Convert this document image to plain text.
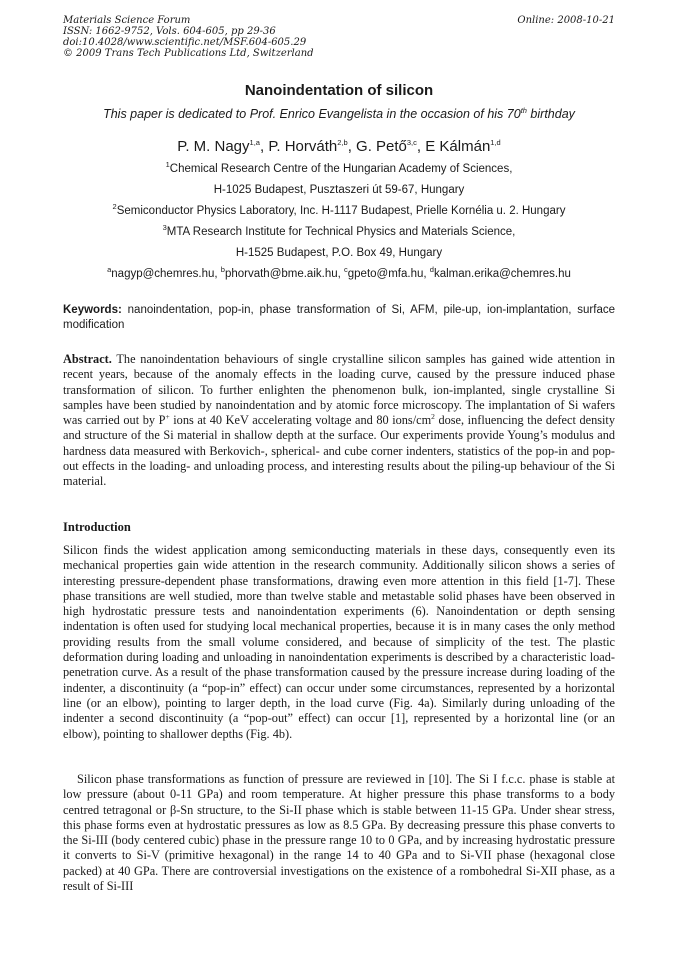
Materials Science Forum
ISSN: 1662-9752, Vols. 604-605, pp 29-36
doi:10.4028/www.scientific.net/MSF.604-605.29
© 2009 Trans Tech Publications Ltd, Switzerland
Online: 2008-10-21
Nanoindentation of silicon
This paper is dedicated to Prof. Enrico Evangelista in the occasion of his 70th birthday
P. M. Nagy$^{1,a}$, P. Horváth$^{2,b}$, G. Pető$^{3,c}$, E Kálmán$^{1,d}$
$^1$Chemical Research Centre of the Hungarian Academy of Sciences,
H-1025 Budapest, Pusztaszeri út 59-67, Hungary
$^2$Semiconductor Physics Laboratory, Inc. H-1117 Budapest, Prielle Kornélia u. 2. Hungary
$^3$MTA Research Institute for Technical Physics and Materials Science,
H-1525 Budapest, P.O. Box 49, Hungary
$^a$nagyp@chemres.hu, $^b$phorvath@bme.aik.hu, $^c$gpeto@mfa.hu, $^d$kalman.erika@chemres.hu
Keywords: nanoindentation, pop-in, phase transformation of Si, AFM, pile-up, ion-implantation, surface modification
Abstract. The nanoindentation behaviours of single crystalline silicon samples has gained wide attention in recent years, because of the anomaly effects in the loading curve, caused by the pressure induced phase transformation of silicon. To further enlighten the phenomenon bulk, ion-implanted, single crystalline Si samples have been studied by nanoindentation and by atomic force microscopy. The implantation of Si wafers was carried out by P+ ions at 40 KeV accelerating voltage and 80 ions/$cm^2$ dose, influencing the defect density and structure of the Si material in shallow depth at the surface. Our experiments provide Young’s modulus and hardness data measured with Berkovich-, spherical- and cube corner indenters, statistics of the pop-in and pop-out effects in the loading- and unloading process, and interesting results about the piling-up behaviour of the Si material.
Introduction
Silicon finds the widest application among semiconducting materials in these days, consequently even its mechanical properties gain wide attention in the research community. Additionally silicon shows a series of interesting pressure-dependent phase transformations, drawing even more attention in this field [1-7]. These phase transitions are well studied, more than twelve stable and metastable solid phases have been observed in high hydrostatic pressure tests and nanoindentation experiments (6). Nanoindentation or depth sensing indentation is often used for studying local mechanical properties, because it is in many cases the only method providing results from the small volume considered, and because of simplicity of the test. The plastic deformation during loading and unloading in nanoindentation experiments is described by a characteristic load-penetration curve. As a result of the phase transformation caused by the pressure increase during loading of the indenter, a discontinuity (a “pop-in” effect) can occur under some circumstances, represented by a horizontal line (or an elbow), pointing to larger depth, in the load curve (Fig. 4a). Similarly during unloading of the indenter a second discontinuity (a “pop-out” effect) can occur [1], represented by a horizontal line (or an elbow), pointing to shallower depths (Fig. 4b).
Silicon phase transformations as function of pressure are reviewed in [10]. The Si I f.c.c. phase is stable at low pressure (about 0-11 GPa) and room temperature. At higher pressure this phase transforms to a body centred tetragonal or β-Sn structure, to the Si-II phase which is stable between 11-15 GPa. Under shear stress, this phase forms even at hydrostatic pressures as low as 8.5 GPa. By decreasing pressure this phase converts to the Si-III (body centered cubic) phase in the pressure range 10 to 0 GPa, and by increasing hydrostatic pressure it converts to Si-V (primitive hexagonal) in the range 14 to 40 GPa and to Si-VII phase (hexagonal close packed) at 40 GPa. There are controversial investigations on the existence of a rombohedral Si-XII phase, as a result of Si-III
